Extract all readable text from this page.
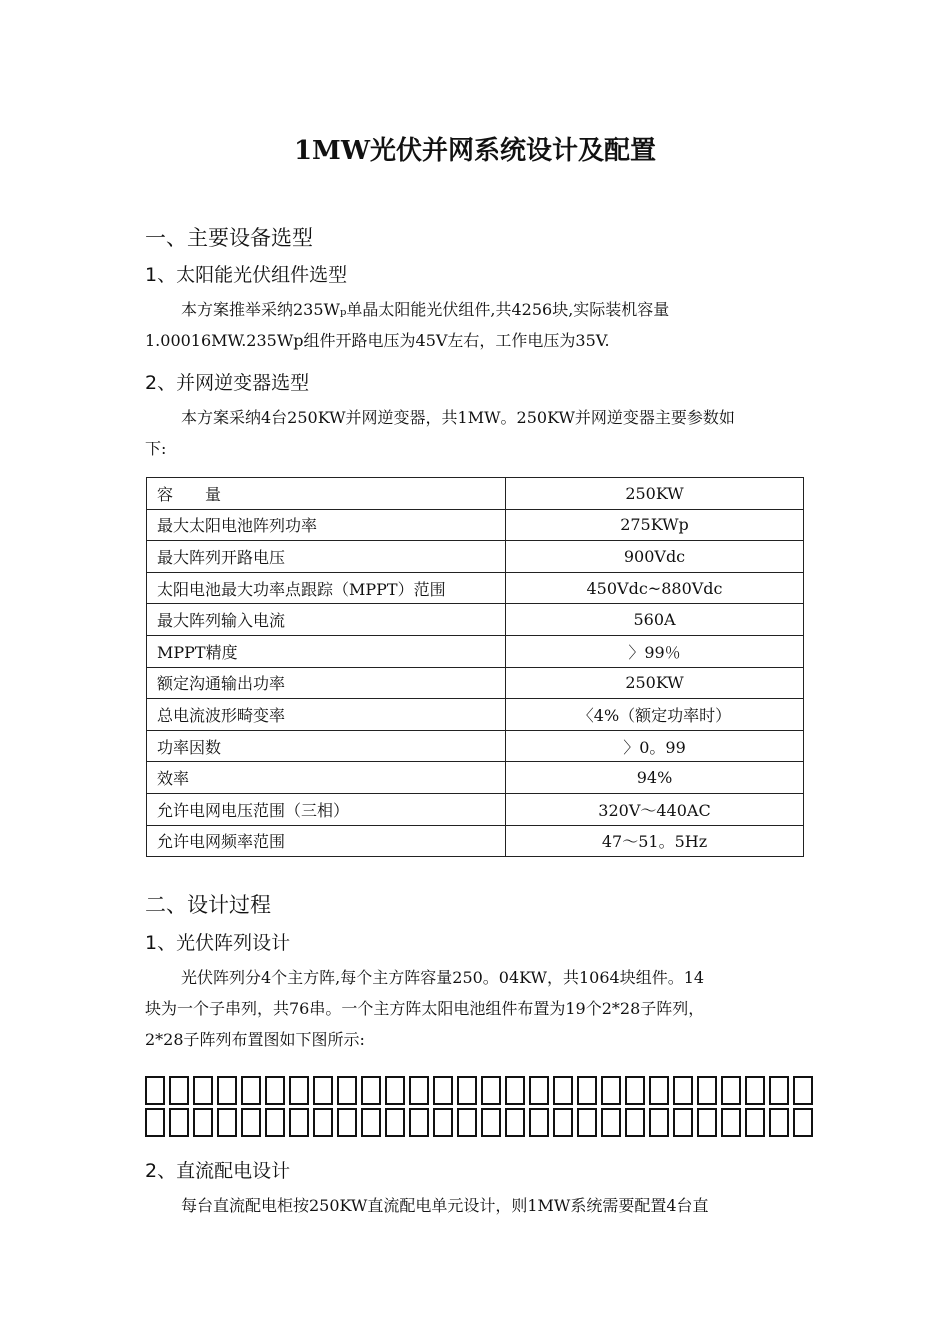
1MW光伏并网系统设计及配置
一、主要设备选型
1、太阳能光伏组件选型

本方案推举采纳235Wₚ单晶太阳能光伏组件,共4256块,实际装机容量

1.00016MW.235Wp组件开路电压为45V左右，工作电压为35V.

2、并网逆变器选型

本方案采纳4台250KW并网逆变器，共1MW。250KW并网逆变器主要参数如

下:

容　　量	250KW
最大太阳电池阵列功率	275KWp
最大阵列开路电压	900Vdc
太阳电池最大功率点跟踪（MPPT）范围	450Vdc~880Vdc
最大阵列输入电流	560A
MPPT精度	〉99％
额定沟通输出功率	250KW
总电流波形畸变率	〈4%（额定功率时）
功率因数	〉0。99
效率	94%
允许电网电压范围（三相）	320V～440AC
允许电网频率范围	47～51。5Hz
二、设计过程
1、光伏阵列设计

光伏阵列分4个主方阵,每个主方阵容量250。04KW，共1064块组件。14

块为一个子串列，共76串。一个主方阵太阳电池组件布置为19个2*28子阵列，

2*28子阵列布置图如下图所示:

2、直流配电设计

每台直流配电柜按250KW直流配电单元设计，则1MW系统需要配置4台直
